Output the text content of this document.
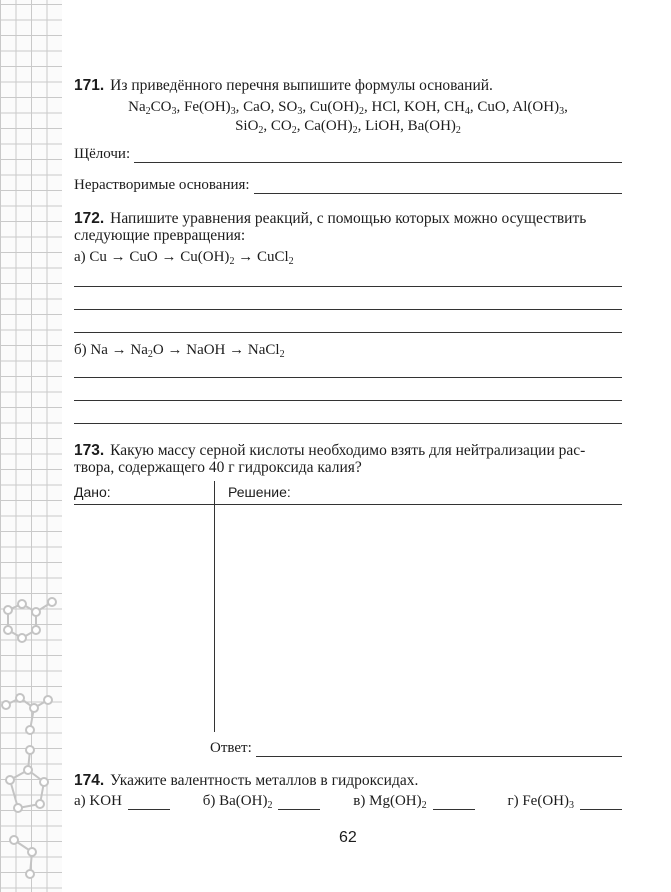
171. Из приведённого перечня выпишите формулы оснований.
$Na_2CO_3$, $Fe(OH)_3$, CaO, $SO_3$, $Cu(OH)_2$, HCl, KOH, $CH_4$, CuO, $Al(OH)_3$,
SiO$_2$, $CO_2$, $Ca(OH)_2$, LiOH, $Ba(OH)_2$
Щёлочи:
Нерастворимые основания:
172. Напишите уравнения реакций, с помощью которых можно осуществить
следующие превращения:
а) Cu → CuO → $Cu(OH)_2$ → CuCl$_2$
б) $Na \to Na_2O$ → NaOH → NaCl$_2$
173. Какую массу серной кислоты необходимо взять для нейтрализации рас-
твора, содержащего 40 г гидроксида калия?
Дано:	Решение:
Ответ:
174. Укажите валентность металлов в гидроксидах.
а) KOH	б) $Ba(OH)_2$	в) $Mg(OH)_2$	г) $Fe(OH)_3$
62
